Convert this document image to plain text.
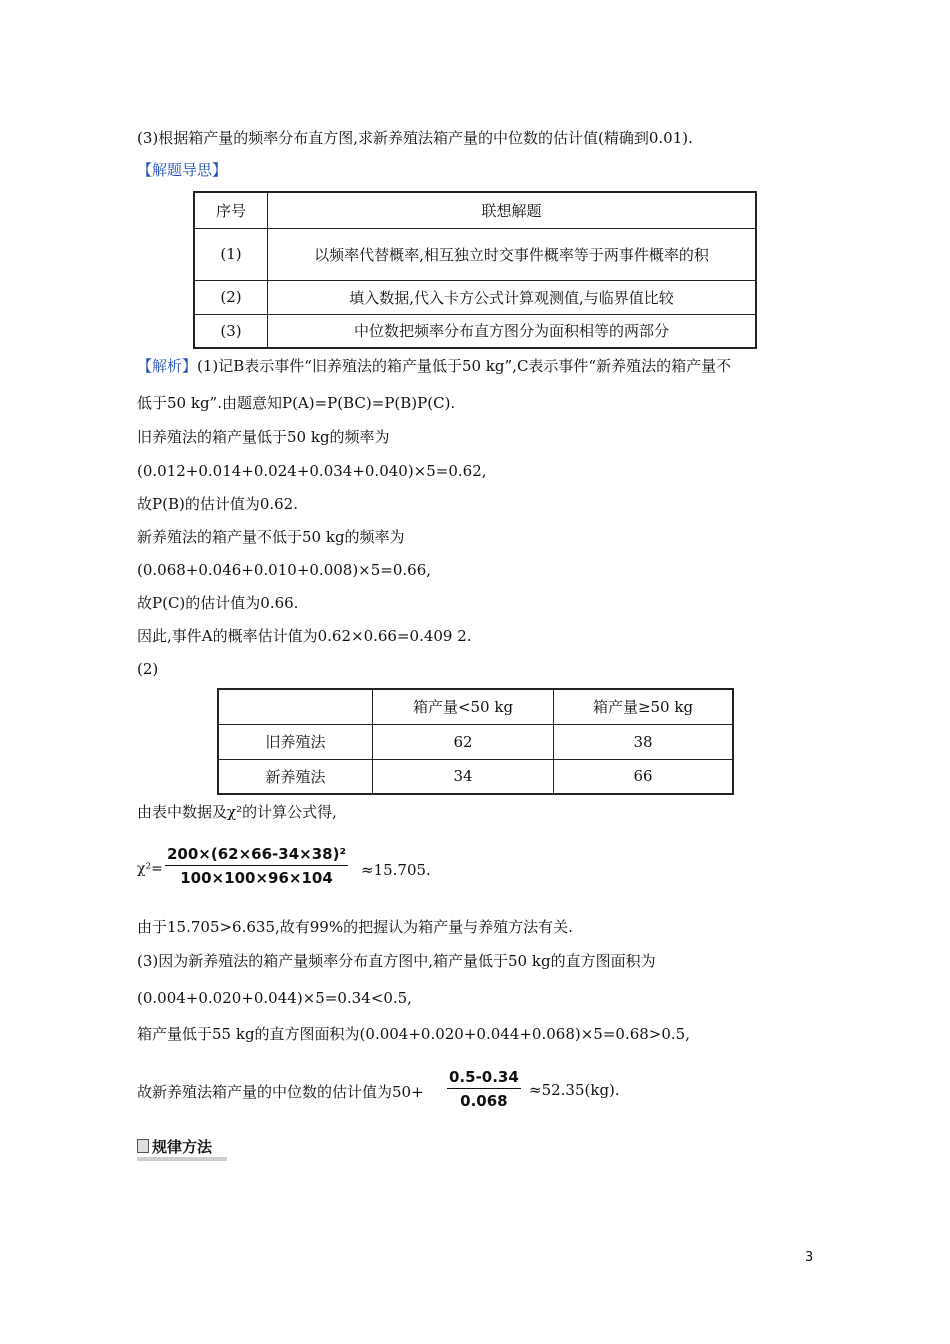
(3)根据箱产量的频率分布直方图,求新养殖法箱产量的中位数的估计值(精确到0.01).
【解题导思】
序号	联想解题
(1)	以频率代替概率,相互独立时交事件概率等于两事件概率的积
(2)	填入数据,代入卡方公式计算观测值,与临界值比较
(3)	中位数把频率分布直方图分为面积相等的两部分
【解析】(1)记B表示事件“旧养殖法的箱产量低于50 kg”,C表示事件“新养殖法的箱产量不
低于50 kg”.由题意知P(A)=P(BC)=P(B)P(C).
旧养殖法的箱产量低于50 kg的频率为
(0.012+0.014+0.024+0.034+0.040)×5=0.62,
故P(B)的估计值为0.62.
新养殖法的箱产量不低于50 kg的频率为
(0.068+0.046+0.010+0.008)×5=0.66,
故P(C)的估计值为0.66.
因此,事件A的概率估计值为0.62×0.66=0.409 2.
(2)
	箱产量<50 kg	箱产量≥50 kg
旧养殖法	62	38
新养殖法	34	66
由表中数据及χ²的计算公式得,
$\chi^2= \frac{\text{200×(62×66-34×38)²}}{100\times 100\times 96\times 104} \approx 15.705$.
由于15.705>6.635,故有99%的把握认为箱产量与养殖方法有关.
(3)因为新养殖法的箱产量频率分布直方图中,箱产量低于50 kg的直方图面积为
(0.004+0.020+0.044)×5=0.34<0.5,
箱产量低于55 kg的直方图面积为(0.004+0.020+0.044+0.068)×5=0.68>0.5,
故新养殖法箱产量的中位数的估计值为$50+ \frac{0.5-0.34}{0.068} \approx 52.35(kg)$.
规律方法
3
